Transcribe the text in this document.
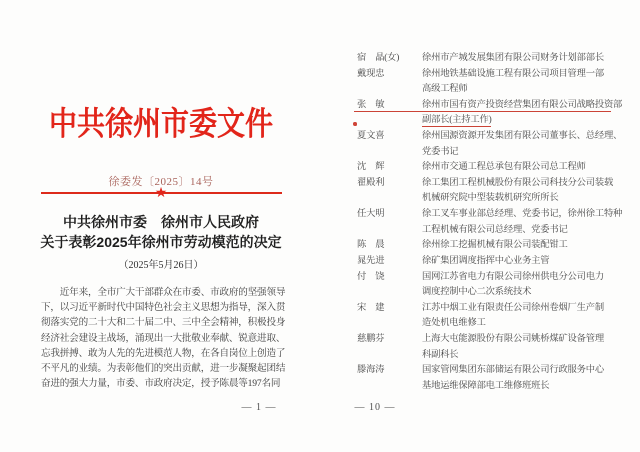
中共徐州市委文件
徐委发〔2025〕14号
★
中共徐州市委　徐州市人民政府
关于表彰2025年徐州市劳动模范的决定
（2025年5月26日）
　　近年来，全市广大干部群众在市委、市政府的坚强领导
下，以习近平新时代中国特色社会主义思想为指导，深入贯
彻落实党的二十大和二十届二中、三中全会精神，积极投身
经济社会建设主战场，涌现出一大批敬业奉献、锐意进取、
忘我拼搏、敢为人先的先进模范人物，在各自岗位上创造了
不平凡的业绩。为表彰他们的突出贡献，进一步凝聚起团结
奋进的强大力量，市委、市政府决定，授予陈晨等197名同
— 1 —
宿　晶(女) 徐州市产城发展集团有限公司财务计划部部长
戴现忠	徐州地铁基础设施工程有限公司项目管理一部
高级工程师
张　敏	徐州市国有资产投资经营集团有限公司战略投资部
副部长(主持工作)
夏文喜	徐州国源资源开发集团有限公司董事长、总经理、
党委书记
沈　辉	徐州市交通工程总承包有限公司总工程师
翟殿利	徐工集团工程机械股份有限公司科技分公司装载
机械研究院中型装载机研究所所长
任大明	徐工叉车事业部总经理、党委书记，徐州徐工特种
工程机械有限公司总经理、党委书记
陈　晨	徐州徐工挖掘机械有限公司装配钳工
晁先进	徐矿集团调度指挥中心业务主管
付　饶	国网江苏省电力有限公司徐州供电分公司电力
调度控制中心二次系统技术
宋　建	江苏中烟工业有限责任公司徐州卷烟厂生产制
造处机电维修工
慈鹏芬	上海大屯能源股份有限公司姚桥煤矿设备管理
科副科长
滕海涛	国家管网集团东部储运有限公司行政服务中心
基地运维保障部电工维修班班长
— 10 —
